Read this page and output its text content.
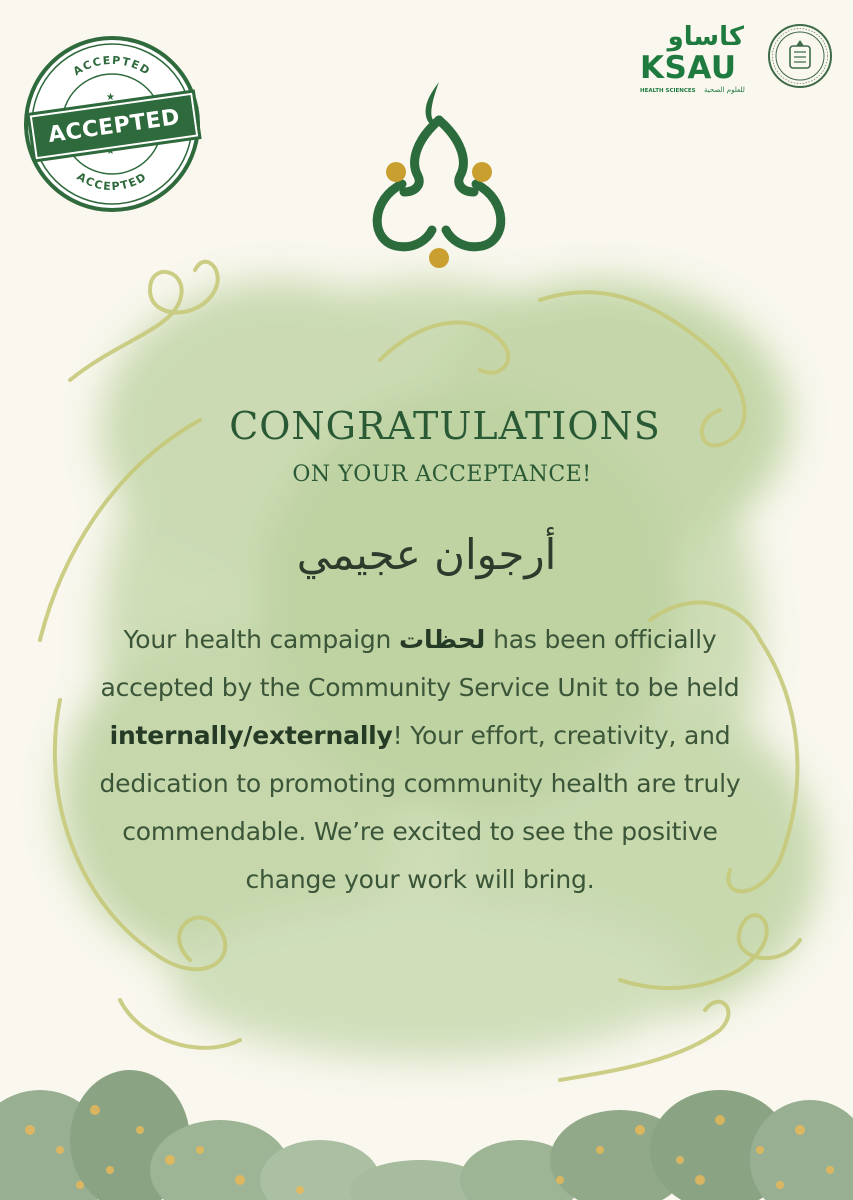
ACCEPTED
ACCEPTED
★
★
ACCEPTED
كاساو
KSAU
HEALTH SCIENCES للعلوم الصحية
CONGRATULATIONS
ON YOUR ACCEPTANCE!
أرجوان عجيمي
Your health campaign لحظات has been officially accepted by the Community Service Unit to be held internally/externally! Your effort, creativity, and dedication to promoting community health are truly commendable. We’re excited to see the positive change your work will bring.
